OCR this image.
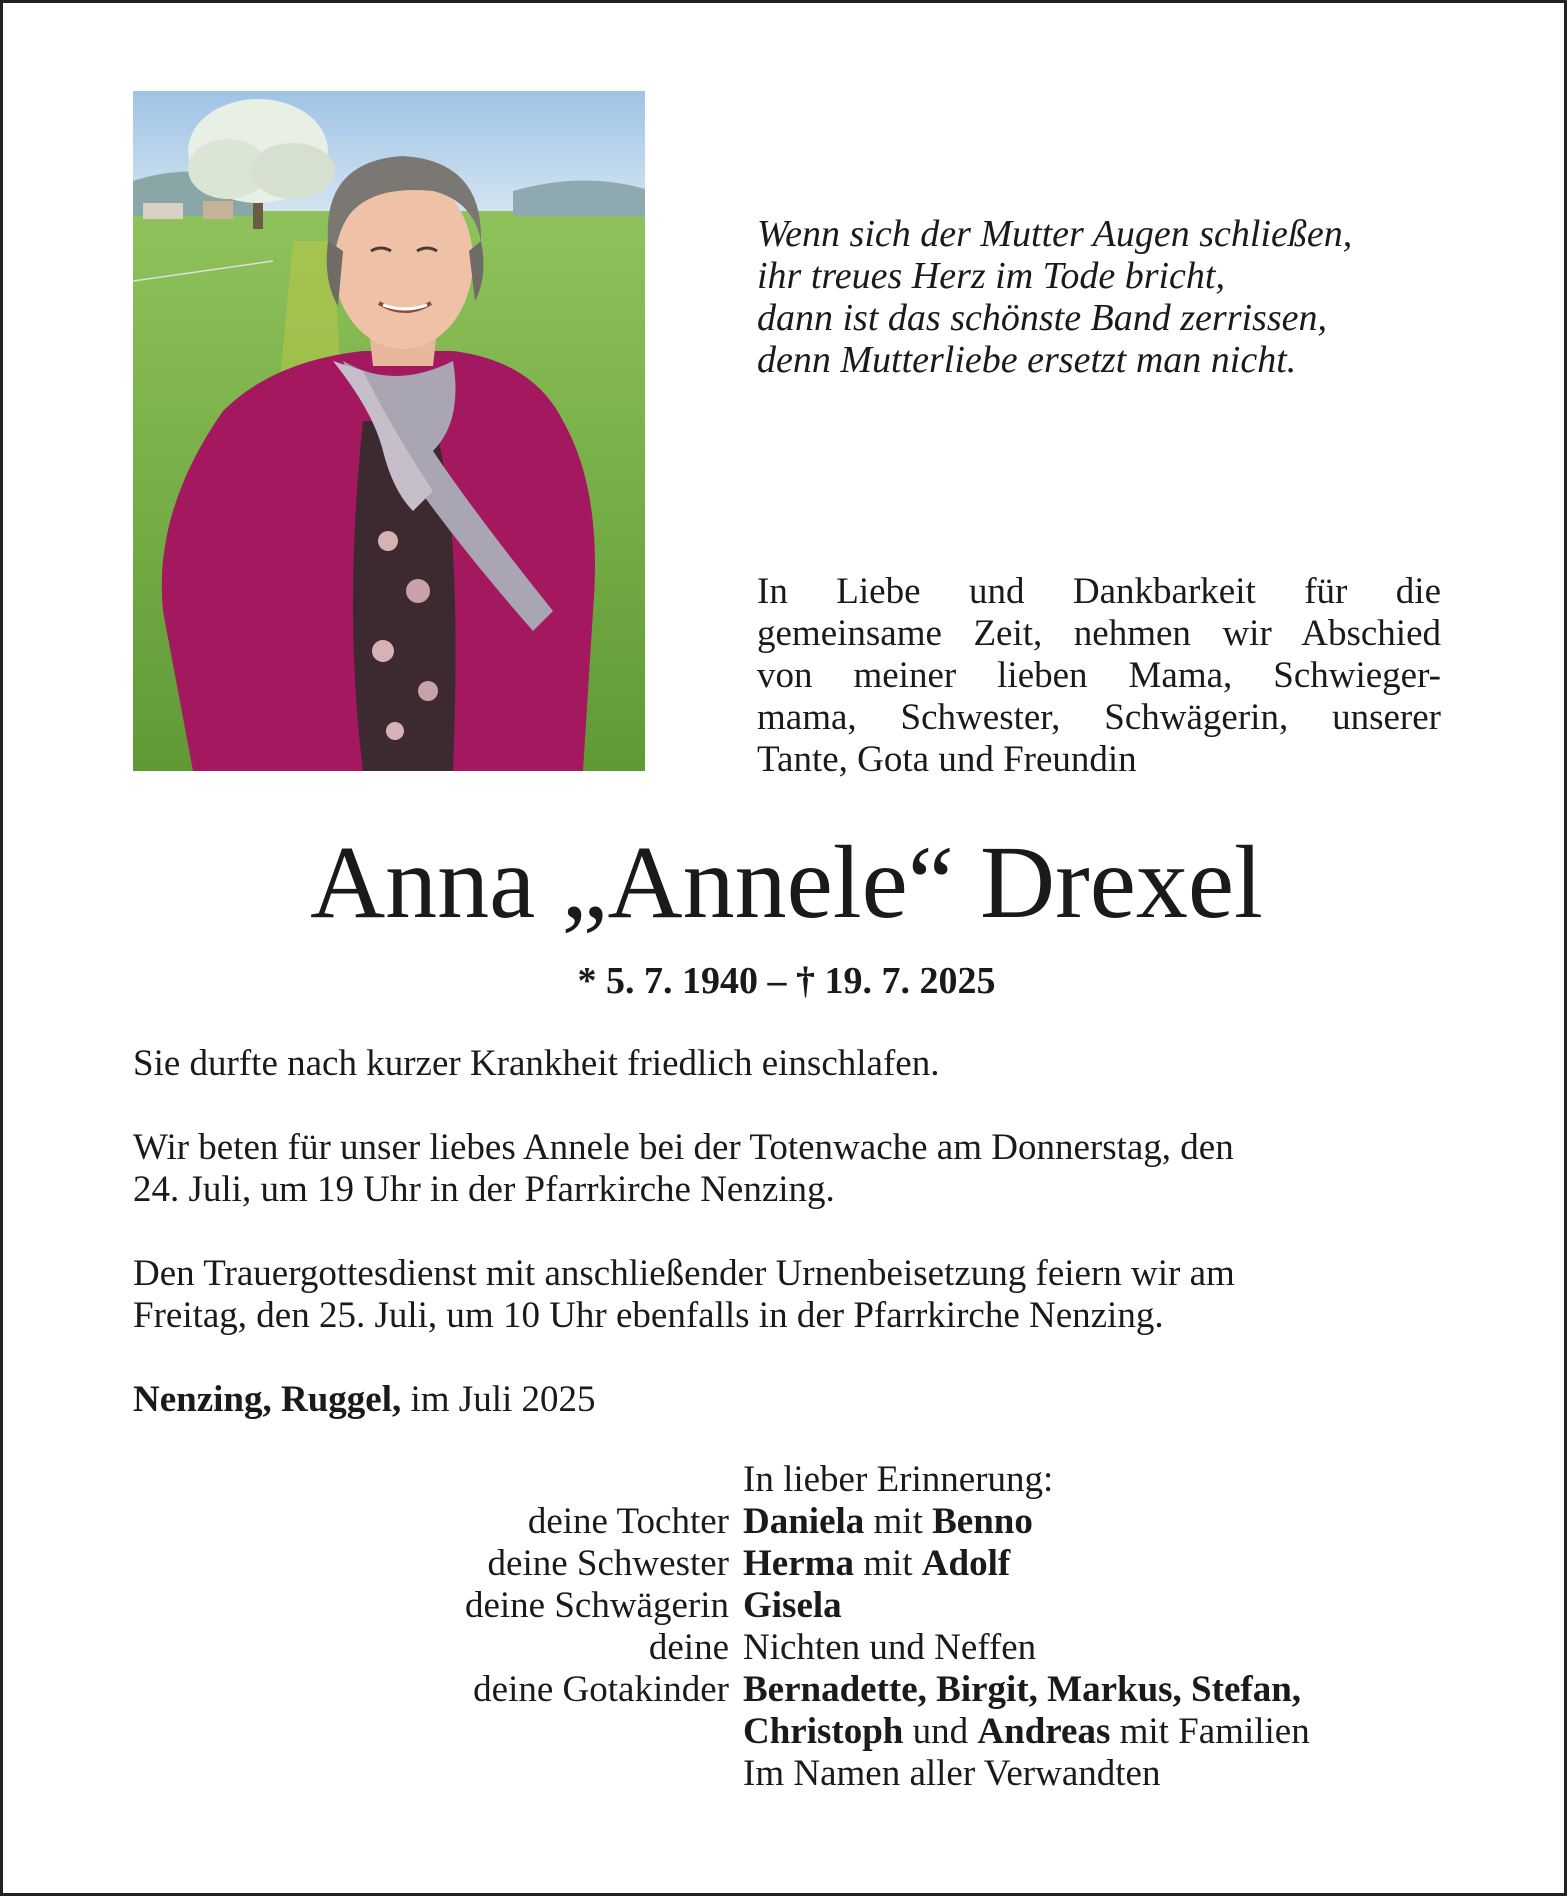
Wenn sich der Mutter Augen schließen,
ihr treues Herz im Tode bricht,
dann ist das schönste Band zerrissen,
denn Mutterliebe ersetzt man nicht.
In Liebe und Dankbarkeit für die
gemeinsame Zeit, nehmen wir Abschied
von meiner lieben Mama, Schwieger-
mama, Schwester, Schwägerin, unserer
Tante, Gota und Freundin
Anna „Annele“ Drexel
* 5. 7. 1940 – † 19. 7. 2025

Sie durfte nach kurzer Krankheit friedlich einschlafen.

Wir beten für unser liebes Annele bei der Totenwache am Donnerstag, den
24. Juli, um 19 Uhr in der Pfarrkirche Nenzing.

Den Trauergottesdienst mit anschließender Urnenbeisetzung feiern wir am
Freitag, den 25. Juli, um 10 Uhr ebenfalls in der Pfarrkirche Nenzing.

Nenzing, Ruggel, im Juli 2025

In lieber Erinnerung:
deine Tochter Daniela mit Benno
deine Schwester Herma mit Adolf
deine Schwägerin Gisela
deine Nichten und Neffen
deine Gotakinder Bernadette, Birgit, Markus, Stefan,
Christoph und Andreas mit Familien
Im Namen aller Verwandten
